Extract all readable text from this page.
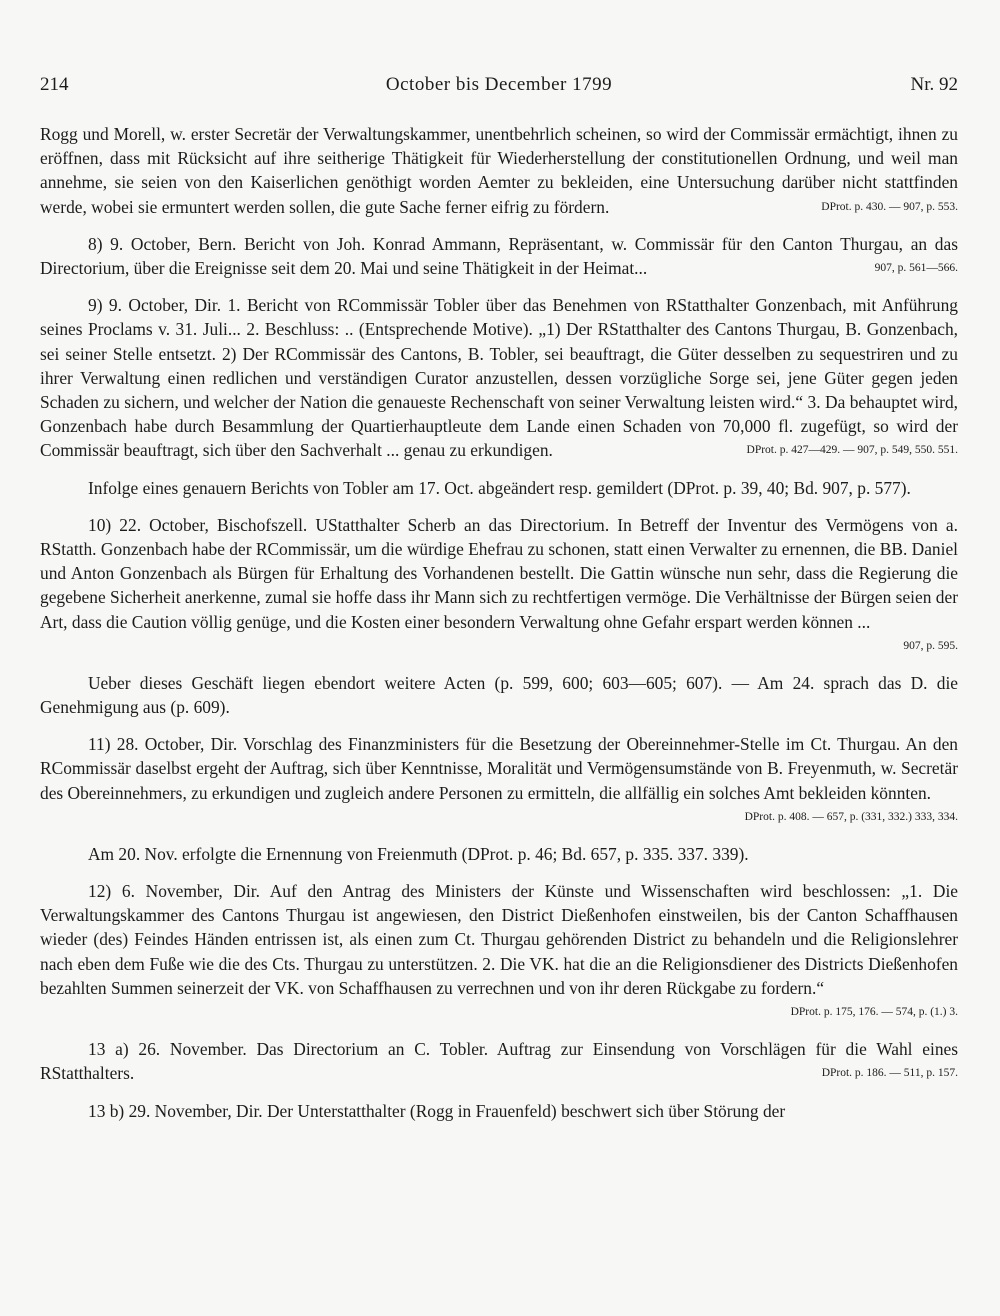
214	October bis December 1799	Nr. 92

Rogg und Morell, w. erster Secretär der Verwaltungskammer, unentbehrlich scheinen, so wird der Commissär ermächtigt, ihnen zu eröffnen, dass mit Rücksicht auf ihre seitherige Thätigkeit für Wiederherstellung der constitutionellen Ordnung, und weil man annehme, sie seien von den Kaiserlichen genöthigt worden Aemter zu bekleiden, eine Untersuchung darüber nicht stattfinden werde, wobei sie ermuntert werden sollen, die gute Sache ferner eifrig zu fördern.	DProt. p. 430. — 907, p. 553.

8) 9. October, Bern. Bericht von Joh. Konrad Ammann, Repräsentant, w. Commissär für den Canton Thurgau, an das Directorium, über die Ereignisse seit dem 20. Mai und seine Thätigkeit in der Heimat...	907, p. 561—566.

9) 9. October, Dir. 1. Bericht von RCommissär Tobler über das Benehmen von RStatthalter Gonzenbach, mit Anführung seines Proclams v. 31. Juli... 2. Beschluss: .. (Entsprechende Motive). „1) Der RStatthalter des Cantons Thurgau, B. Gonzenbach, sei seiner Stelle entsetzt. 2) Der RCommissär des Cantons, B. Tobler, sei beauftragt, die Güter desselben zu sequestriren und zu ihrer Verwaltung einen redlichen und verständigen Curator anzustellen, dessen vorzügliche Sorge sei, jene Güter gegen jeden Schaden zu sichern, und welcher der Nation die genaueste Rechenschaft von seiner Verwaltung leisten wird.“ 3. Da behauptet wird, Gonzenbach habe durch Besammlung der Quartierhauptleute dem Lande einen Schaden von 70,000 fl. zugefügt, so wird der Commissär beauftragt, sich über den Sachverhalt ... genau zu erkundigen.	DProt. p. 427—429. — 907, p. 549, 550. 551.

Infolge eines genauern Berichts von Tobler am 17. Oct. abgeändert resp. gemildert (DProt. p. 39, 40; Bd. 907, p. 577).

10) 22. October, Bischofszell. UStatthalter Scherb an das Directorium. In Betreff der Inventur des Vermögens von a. RStatth. Gonzenbach habe der RCommissär, um die würdige Ehefrau zu schonen, statt einen Verwalter zu ernennen, die BB. Daniel und Anton Gonzenbach als Bürgen für Erhaltung des Vorhandenen bestellt. Die Gattin wünsche nun sehr, dass die Regierung die gegebene Sicherheit anerkenne, zumal sie hoffe dass ihr Mann sich zu rechtfertigen vermöge. Die Verhältnisse der Bürgen seien der Art, dass die Caution völlig genüge, und die Kosten einer besondern Verwaltung ohne Gefahr erspart werden können ...
907, p. 595.

Ueber dieses Geschäft liegen ebendort weitere Acten (p. 599, 600; 603—605; 607). — Am 24. sprach das D. die Genehmigung aus (p. 609).

11) 28. October, Dir. Vorschlag des Finanzministers für die Besetzung der Obereinnehmer-Stelle im Ct. Thurgau. An den RCommissär daselbst ergeht der Auftrag, sich über Kenntnisse, Moralität und Vermögensumstände von B. Freyenmuth, w. Secretär des Obereinnehmers, zu erkundigen und zugleich andere Personen zu ermitteln, die allfällig ein solches Amt bekleiden könnten.
DProt. p. 408. — 657, p. (331, 332.) 333, 334.

Am 20. Nov. erfolgte die Ernennung von Freienmuth (DProt. p. 46; Bd. 657, p. 335. 337. 339).

12) 6. November, Dir. Auf den Antrag des Ministers der Künste und Wissenschaften wird beschlossen: „1. Die Verwaltungskammer des Cantons Thurgau ist angewiesen, den District Dießenhofen einstweilen, bis der Canton Schaffhausen wieder (des) Feindes Händen entrissen ist, als einen zum Ct. Thurgau gehörenden District zu behandeln und die Religionslehrer nach eben dem Fuße wie die des Cts. Thurgau zu unterstützen. 2. Die VK. hat die an die Religionsdiener des Districts Dießenhofen bezahlten Summen seinerzeit der VK. von Schaffhausen zu verrechnen und von ihr deren Rückgabe zu fordern.“
DProt. p. 175, 176. — 574, p. (1.) 3.

13 a) 26. November. Das Directorium an C. Tobler. Auftrag zur Einsendung von Vorschlägen für die Wahl eines RStatthalters.	DProt. p. 186. — 511, p. 157.

13 b) 29. November, Dir. Der Unterstatthalter (Rogg in Frauenfeld) beschwert sich über Störung der
